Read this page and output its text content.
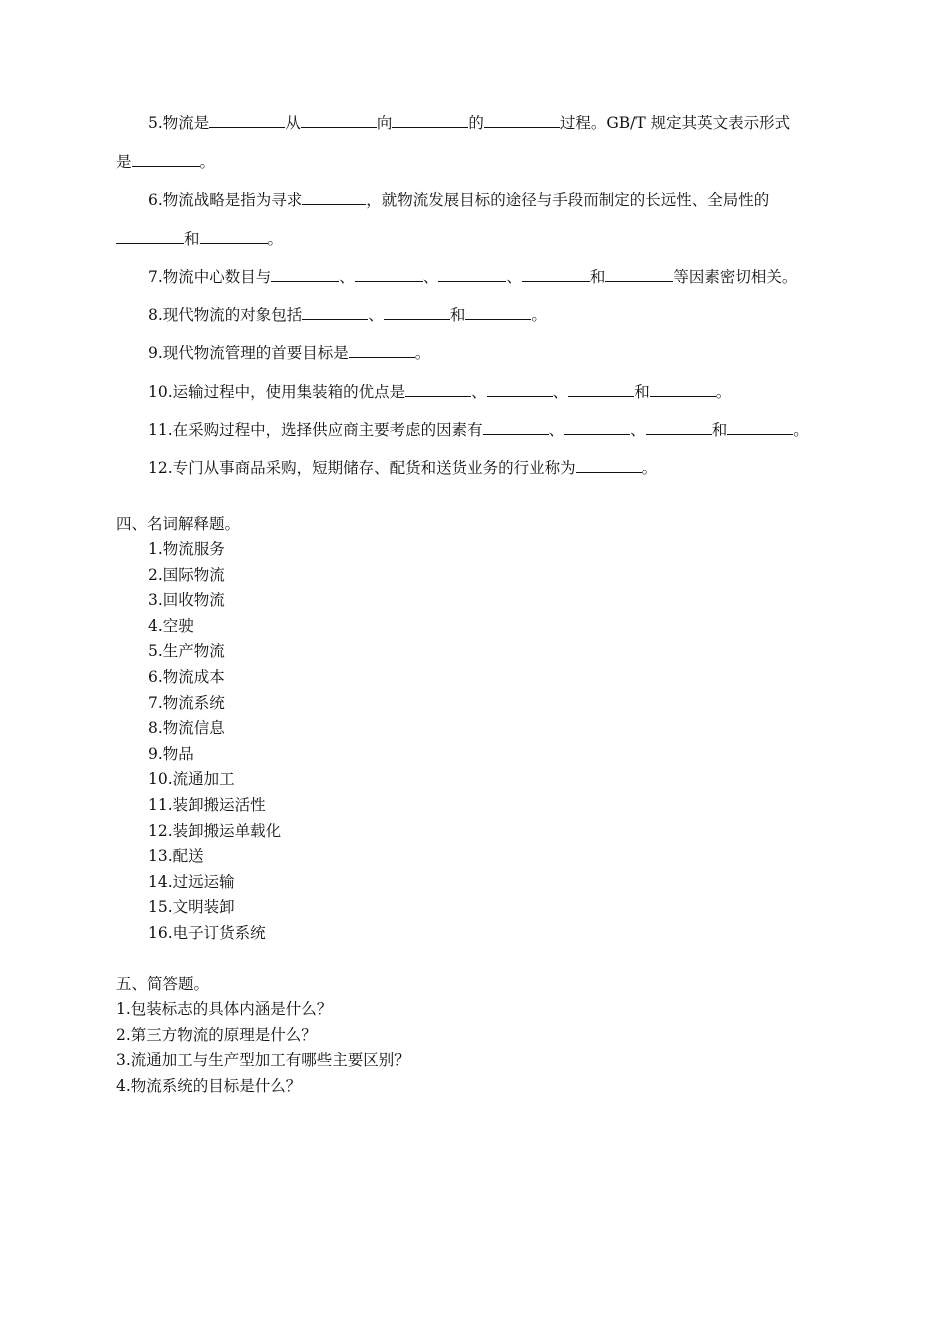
5.物流是	从	向	的	过程。GB/T 规定其英文表示形式
是	。
6.物流战略是指为寻求	，就物流发展目标的途径与手段而制定的长远性、全局性的
和	。
7.物流中心数目与	、	、	、	和	等因素密切相关。
8.现代物流的对象包括	、	和	。
9.现代物流管理的首要目标是	。
10.运输过程中，使用集装箱的优点是	、	、	和	。
11.在采购过程中，选择供应商主要考虑的因素有	、	、	和	。
12.专门从事商品采购，短期储存、配货和送货业务的行业称为	。
四、名词解释题。
1.物流服务
2.国际物流
3.回收物流
4.空驶
5.生产物流
6.物流成本
7.物流系统
8.物流信息
9.物品
10.流通加工
11.装卸搬运活性
12.装卸搬运单载化
13.配送
14.过远运输
15.文明装卸
16.电子订货系统
五、简答题。
1.包装标志的具体内涵是什么？
2.第三方物流的原理是什么？
3.流通加工与生产型加工有哪些主要区别？
4.物流系统的目标是什么？
